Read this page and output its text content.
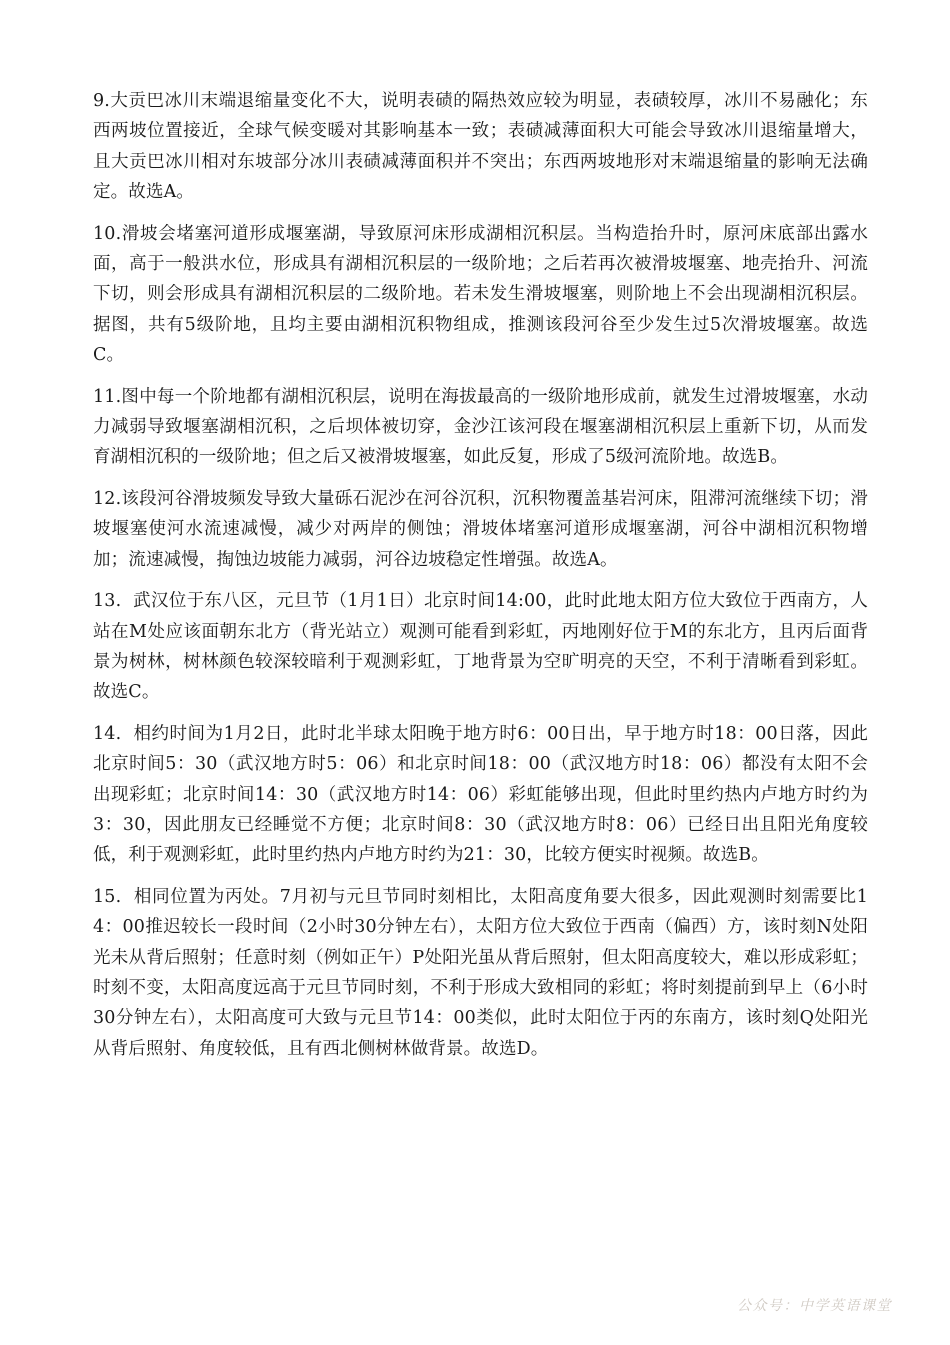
9.大贡巴冰川末端退缩量变化不大，说明表碛的隔热效应较为明显，表碛较厚，冰川不易融化；东西两坡位置接近，全球气候变暖对其影响基本一致；表碛减薄面积大可能会导致冰川退缩量增大，且大贡巴冰川相对东坡部分冰川表碛减薄面积并不突出；东西两坡地形对末端退缩量的影响无法确定。故选A。

10.滑坡会堵塞河道形成堰塞湖，导致原河床形成湖相沉积层。当构造抬升时，原河床底部出露水面，高于一般洪水位，形成具有湖相沉积层的一级阶地；之后若再次被滑坡堰塞、地壳抬升、河流下切，则会形成具有湖相沉积层的二级阶地。若未发生滑坡堰塞，则阶地上不会出现湖相沉积层。据图，共有5级阶地，且均主要由湖相沉积物组成，推测该段河谷至少发生过5次滑坡堰塞。故选C。

11.图中每一个阶地都有湖相沉积层，说明在海拔最高的一级阶地形成前，就发生过滑坡堰塞，水动力减弱导致堰塞湖相沉积，之后坝体被切穿，金沙江该河段在堰塞湖相沉积层上重新下切，从而发育湖相沉积的一级阶地；但之后又被滑坡堰塞，如此反复，形成了5级河流阶地。故选B。

12.该段河谷滑坡频发导致大量砾石泥沙在河谷沉积，沉积物覆盖基岩河床，阻滞河流继续下切；滑坡堰塞使河水流速减慢，减少对两岸的侧蚀；滑坡体堵塞河道形成堰塞湖，河谷中湖相沉积物增加；流速减慢，掏蚀边坡能力减弱，河谷边坡稳定性增强。故选A。

13.  武汉位于东八区，元旦节（1月1日）北京时间14:00，此时此地太阳方位大致位于西南方，人站在M处应该面朝东北方（背光站立）观测可能看到彩虹，丙地刚好位于M的东北方，且丙后面背景为树林，树林颜色较深较暗利于观测彩虹，丁地背景为空旷明亮的天空，不利于清晰看到彩虹。故选C。

14.  相约时间为1月2日，此时北半球太阳晚于地方时6：00日出，早于地方时18：00日落，因此北京时间5：30（武汉地方时5：06）和北京时间18：00（武汉地方时18：06）都没有太阳不会出现彩虹；北京时间14：30（武汉地方时14：06）彩虹能够出现，但此时里约热内卢地方时约为3：30，因此朋友已经睡觉不方便；北京时间8：30（武汉地方时8：06）已经日出且阳光角度较低，利于观测彩虹，此时里约热内卢地方时约为21：30，比较方便实时视频。故选B。

15.  相同位置为丙处。7月初与元旦节同时刻相比，太阳高度角要大很多，因此观测时刻需要比14：00推迟较长一段时间（2小时30分钟左右），太阳方位大致位于西南（偏西）方，该时刻N处阳光未从背后照射；任意时刻（例如正午）P处阳光虽从背后照射，但太阳高度较大，难以形成彩虹；时刻不变，太阳高度远高于元旦节同时刻，不利于形成大致相同的彩虹；将时刻提前到早上（6小时30分钟左右），太阳高度可大致与元旦节14：00类似，此时太阳位于丙的东南方，该时刻Q处阳光从背后照射、角度较低，且有西北侧树林做背景。故选D。

公众号：中学英语课堂
